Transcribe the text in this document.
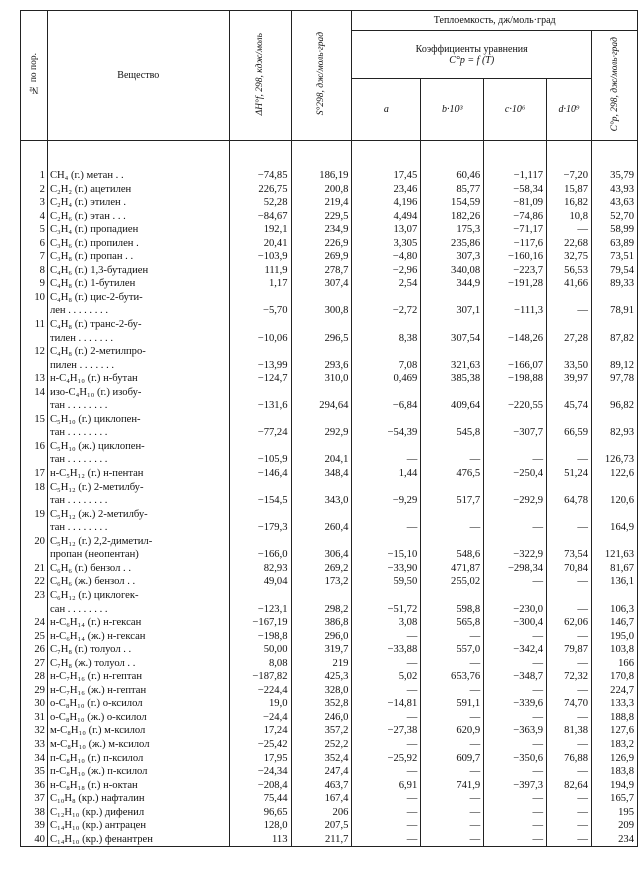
№ по пор.	Вещество	ΔH°f, 298, кдж/моль	S°298, дж/моль·град	Теплоемкость, дж/моль·град				

				Коэффициенты уравнения
C°p = f (T)				C°p, 298, дж/моль·град
				a	b·10³	c·10⁶	d·10⁹	

1	CH₄ (г.) метан . .	−74,85	186,19	17,45	60,46	−1,117	−7,20	35,79
2	C₂H₂ (г.) ацетилен	226,75	200,8	23,46	85,77	−58,34	15,87	43,93
3	C₂H₄ (г.) этилен .	52,28	219,4	4,196	154,59	−81,09	16,82	43,63
4	C₂H₆ (г.) этан . . .	−84,67	229,5	4,494	182,26	−74,86	10,8	52,70
5	C₃H₄ (г.) пропадиен	192,1	234,9	13,07	175,3	−71,17	—	58,99
6	C₃H₆ (г.) пропилен .	20,41	226,9	3,305	235,86	−117,6	22,68	63,89
7	C₃H₈ (г.) пропан . .	−103,9	269,9	−4,80	307,3	−160,16	32,75	73,51
8	C₄H₆ (г.) 1,3-бутадиен	111,9	278,7	−2,96	340,08	−223,7	56,53	79,54
9	C₄H₈ (г.) 1-бутилен	1,17	307,4	2,54	344,9	−191,28	41,66	89,33
10	C₄H₈ (г.) цис-2-бути-							
	лен . . . . . . . .	−5,70	300,8	−2,72	307,1	−111,3	—	78,91
11	C₄H₈ (г.) транс-2-бу-							
	тилен . . . . . . .	−10,06	296,5	8,38	307,54	−148,26	27,28	87,82
12	C₄H₈ (г.) 2-метилпро-							
	пилен . . . . . . .	−13,99	293,6	7,08	321,63	−166,07	33,50	89,12
13	н-C₄H₁₀ (г.) н-бутан	−124,7	310,0	0,469	385,38	−198,88	39,97	97,78
14	изо-C₄H₁₀ (г.) изобу-							
	тан . . . . . . . .	−131,6	294,64	−6,84	409,64	−220,55	45,74	96,82
15	C₅H₁₀ (г.) циклопен-							
	тан . . . . . . . .	−77,24	292,9	−54,39	545,8	−307,7	66,59	82,93
16	C₅H₁₀ (ж.) циклопен-							
	тан . . . . . . . .	−105,9	204,1	—	—	—	—	126,73
17	н-C₅H₁₂ (г.) н-пентан	−146,4	348,4	1,44	476,5	−250,4	51,24	122,6
18	C₅H₁₂ (г.) 2-метилбу-							
	тан . . . . . . . .	−154,5	343,0	−9,29	517,7	−292,9	64,78	120,6
19	C₅H₁₂ (ж.) 2-метилбу-							
	тан . . . . . . . .	−179,3	260,4	—	—	—	—	164,9
20	C₅H₁₂ (г.) 2,2-диметил-							
	пропан (неопентан)	−166,0	306,4	−15,10	548,6	−322,9	73,54	121,63
21	C₆H₆ (г.) бензол . .	82,93	269,2	−33,90	471,87	−298,34	70,84	81,67
22	C₆H₆ (ж.) бензол . .	49,04	173,2	59,50	255,02	—	—	136,1
23	C₆H₁₂ (г.) циклогек-							
	сан . . . . . . . .	−123,1	298,2	−51,72	598,8	−230,0	—	106,3
24	н-C₆H₁₄ (г.) н-гексан	−167,19	386,8	3,08	565,8	−300,4	62,06	146,7
25	н-C₆H₁₄ (ж.) н-гексан	−198,8	296,0	—	—	—	—	195,0
26	C₇H₈ (г.) толуол . .	50,00	319,7	−33,88	557,0	−342,4	79,87	103,8
27	C₇H₈ (ж.) толуол . .	8,08	219	—	—	—	—	166
28	н-C₇H₁₆ (г.) н-гептан	−187,82	425,3	5,02	653,76	−348,7	72,32	170,8
29	н-C₇H₁₆ (ж.) н-гептан	−224,4	328,0	—	—	—	—	224,7
30	о-C₈H₁₀ (г.) о-ксилол	19,0	352,8	−14,81	591,1	−339,6	74,70	133,3
31	о-C₈H₁₀ (ж.) о-ксилол	−24,4	246,0	—	—	—	—	188,8
32	м-C₈H₁₀ (г.) м-ксилол	17,24	357,2	−27,38	620,9	−363,9	81,38	127,6
33	м-C₈H₁₀ (ж.) м-ксилол	−25,42	252,2	—	—	—	—	183,2
34	п-C₈H₁₀ (г.) п-ксилол	17,95	352,4	−25,92	609,7	−350,6	76,88	126,9
35	п-C₈H₁₀ (ж.) п-ксилол	−24,34	247,4	—	—	—	—	183,8
36	н-C₈H₁₈ (г.) н-октан	−208,4	463,7	6,91	741,9	−397,3	82,64	194,9
37	C₁₀H₈ (кр.) нафталин	75,44	167,4	—	—	—	—	165,7
38	C₁₂H₁₀ (кр.) дифенил	96,65	206	—	—	—	—	195
39	C₁₄H₁₀ (кр.) антрацен	128,0	207,5	—	—	—	—	209
40	C₁₄H₁₀ (кр.) фенантрен	113	211,7	—	—	—	—	234
